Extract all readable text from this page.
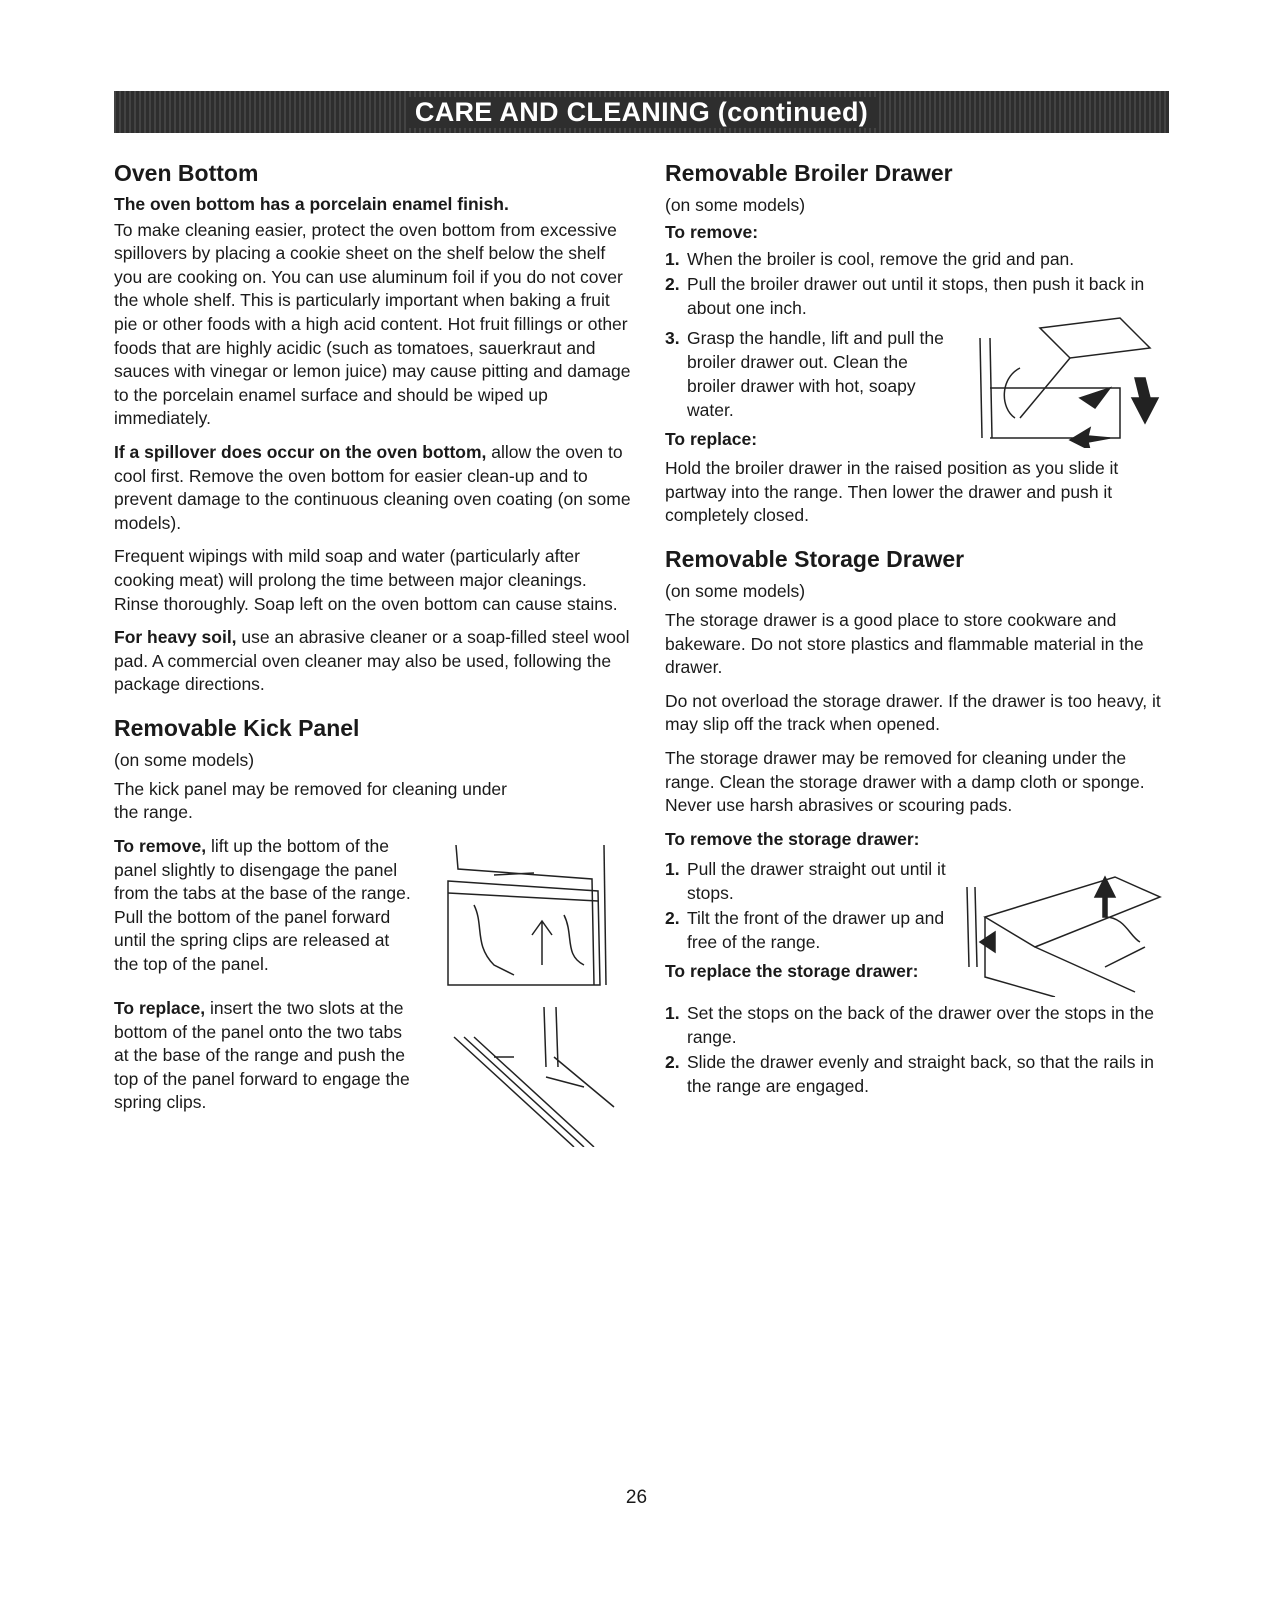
CARE AND CLEANING (continued)
Oven Bottom

The oven bottom has a porcelain enamel finish.

To make cleaning easier, protect the oven bottom from excessive spillovers by placing a cookie sheet on the shelf below the shelf you are cooking on. You can use aluminum foil if you do not cover the whole shelf. This is particularly important when baking a fruit pie or other foods with a high acid content. Hot fruit fillings or other foods that are highly acidic (such as tomatoes, sauerkraut and sauces with vinegar or lemon juice) may cause pitting and damage to the porcelain enamel surface and should be wiped up immediately.

If a spillover does occur on the oven bottom, allow the oven to cool first. Remove the oven bottom for easier clean-up and to prevent damage to the continuous cleaning oven coating (on some models).

Frequent wipings with mild soap and water (particularly after cooking meat) will prolong the time between major cleanings. Rinse thoroughly. Soap left on the oven bottom can cause stains.

For heavy soil, use an abrasive cleaner or a soap-filled steel wool pad. A commercial oven cleaner may also be used, following the package directions.

Removable Kick Panel

(on some models)

The kick panel may be removed for cleaning under the range.

To remove, lift up the bottom of the panel slightly to disengage the panel from the tabs at the base of the range. Pull the bottom of the panel forward until the spring clips are released at the top of the panel.

To replace, insert the two slots at the bottom of the panel onto the two tabs at the base of the range and push the top of the panel forward to engage the spring clips.

Removable Broiler Drawer

(on some models)

To remove:

1. When the broiler is cool, remove the grid and pan.
2. Pull the broiler drawer out until it stops, then push it back in about one inch.
3. Grasp the handle, lift and pull the broiler drawer out. Clean the broiler drawer with hot, soapy water.

To replace:

Hold the broiler drawer in the raised position as you slide it partway into the range. Then lower the drawer and push it completely closed.

Removable Storage Drawer

(on some models)

The storage drawer is a good place to store cookware and bakeware. Do not store plastics and flammable material in the drawer.

Do not overload the storage drawer. If the drawer is too heavy, it may slip off the track when opened.

The storage drawer may be removed for cleaning under the range. Clean the storage drawer with a damp cloth or sponge. Never use harsh abrasives or scouring pads.

To remove the storage drawer:

1. Pull the drawer straight out until it stops.
2. Tilt the front of the drawer up and free of the range.

To replace the storage drawer:

1. Set the stops on the back of the drawer over the stops in the range.
2. Slide the drawer evenly and straight back, so that the rails in the range are engaged.
26
